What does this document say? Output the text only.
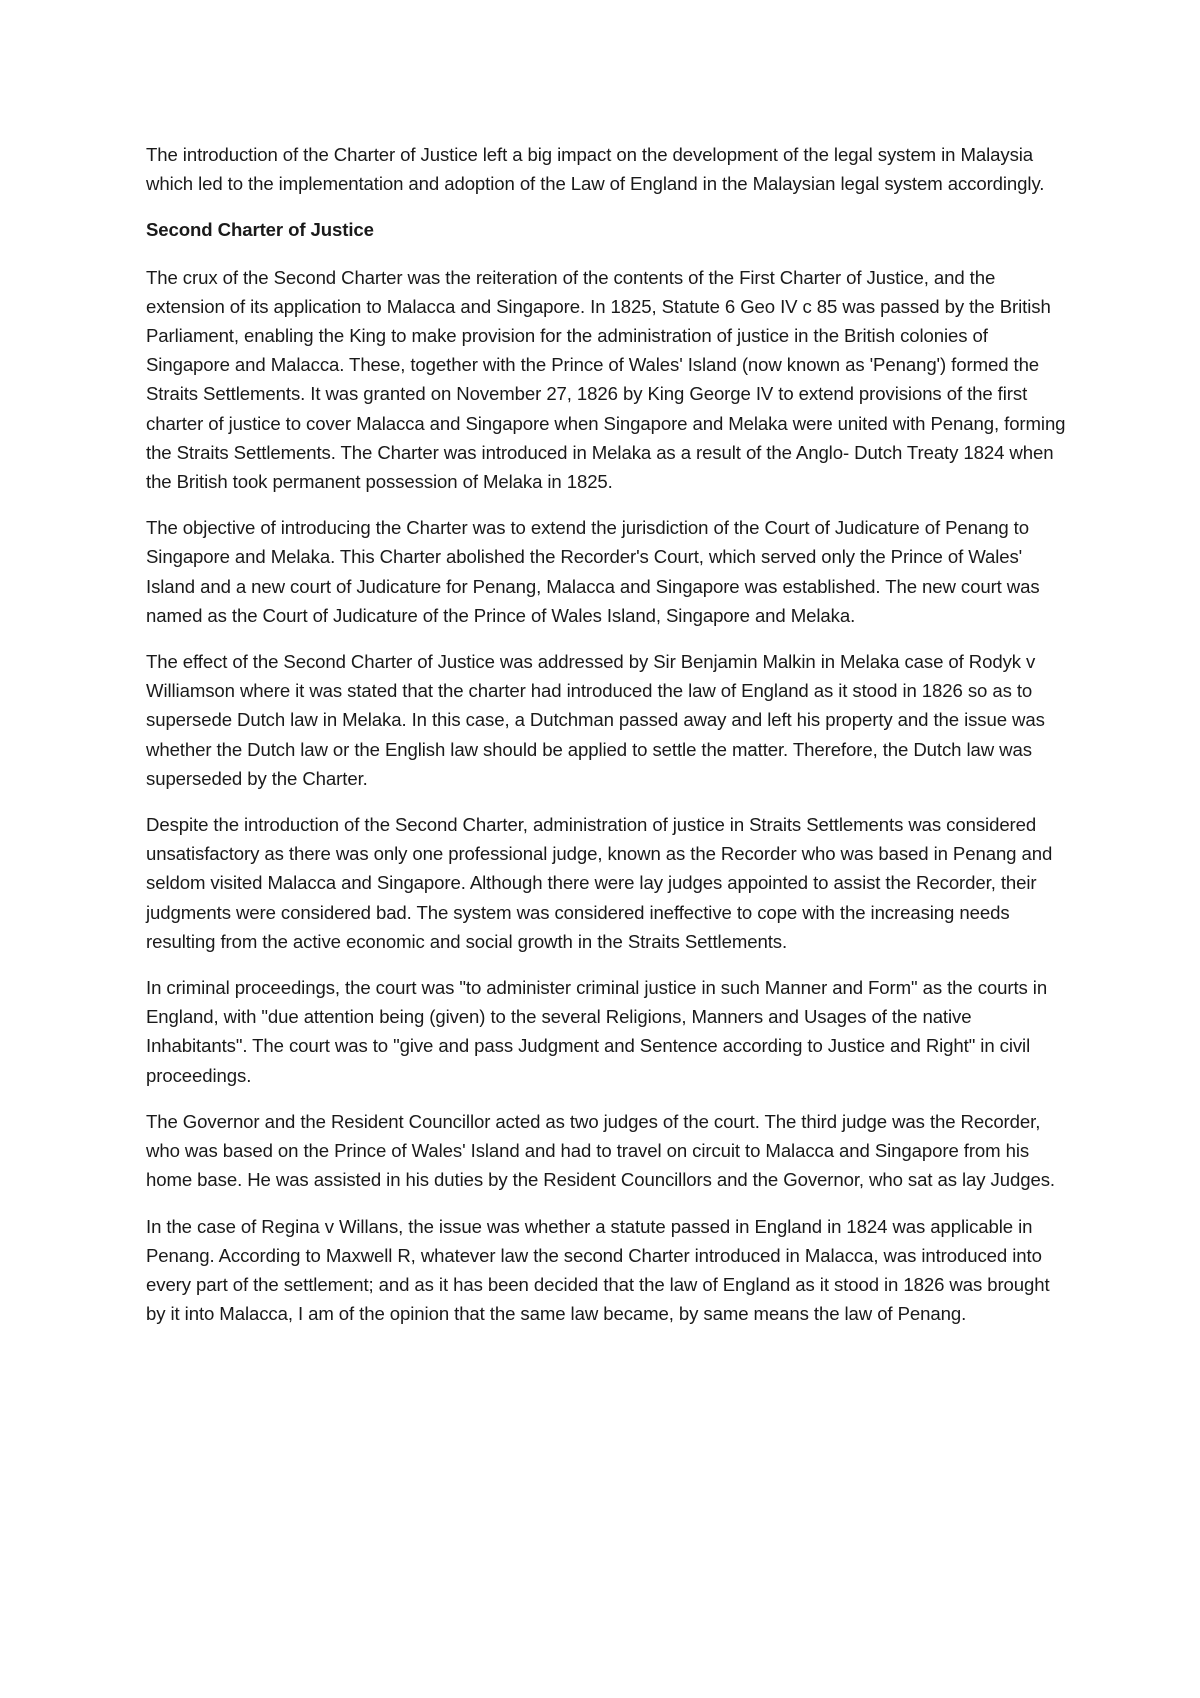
The introduction of the Charter of Justice left a big impact on the development of the legal system in Malaysia which led to the implementation and adoption of the Law of England in the Malaysian legal system accordingly.

Second Charter of Justice

The crux of the Second Charter was the reiteration of the contents of the First Charter of Justice, and the extension of its application to Malacca and Singapore. In 1825, Statute 6 Geo IV c 85 was passed by the British Parliament, enabling the King to make provision for the administration of justice in the British colonies of Singapore and Malacca. These, together with the Prince of Wales' Island (now known as 'Penang') formed the Straits Settlements. It was granted on November 27, 1826 by King George IV to extend provisions of the first charter of justice to cover Malacca and Singapore when Singapore and Melaka were united with Penang, forming the Straits Settlements. The Charter was introduced in Melaka as a result of the Anglo- Dutch Treaty 1824 when the British took permanent possession of Melaka in 1825.

The objective of introducing the Charter was to extend the jurisdiction of the Court of Judicature of Penang to Singapore and Melaka. This Charter abolished the Recorder's Court, which served only the Prince of Wales' Island and a new court of Judicature for Penang, Malacca and Singapore was established. The new court was named as the Court of Judicature of the Prince of Wales Island, Singapore and Melaka.

The effect of the Second Charter of Justice was addressed by Sir Benjamin Malkin in Melaka case of Rodyk v Williamson where it was stated that the charter had introduced the law of England as it stood in 1826 so as to supersede Dutch law in Melaka. In this case, a Dutchman passed away and left his property and the issue was whether the Dutch law or the English law should be applied to settle the matter. Therefore, the Dutch law was superseded by the Charter.

Despite the introduction of the Second Charter, administration of justice in Straits Settlements was considered unsatisfactory as there was only one professional judge, known as the Recorder who was based in Penang and seldom visited Malacca and Singapore. Although there were lay judges appointed to assist the Recorder, their judgments were considered bad. The system was considered ineffective to cope with the increasing needs resulting from the active economic and social growth in the Straits Settlements.

In criminal proceedings, the court was "to administer criminal justice in such Manner and Form" as the courts in England, with "due attention being (given) to the several Religions, Manners and Usages of the native Inhabitants". The court was to "give and pass Judgment and Sentence according to Justice and Right" in civil proceedings.

The Governor and the Resident Councillor acted as two judges of the court. The third judge was the Recorder, who was based on the Prince of Wales' Island and had to travel on circuit to Malacca and Singapore from his home base. He was assisted in his duties by the Resident Councillors and the Governor, who sat as lay Judges.

In the case of Regina v Willans, the issue was whether a statute passed in England in 1824 was applicable in Penang. According to Maxwell R, whatever law the second Charter introduced in Malacca, was introduced into every part of the settlement; and as it has been decided that the law of England as it stood in 1826 was brought by it into Malacca, I am of the opinion that the same law became, by same means the law of Penang.
